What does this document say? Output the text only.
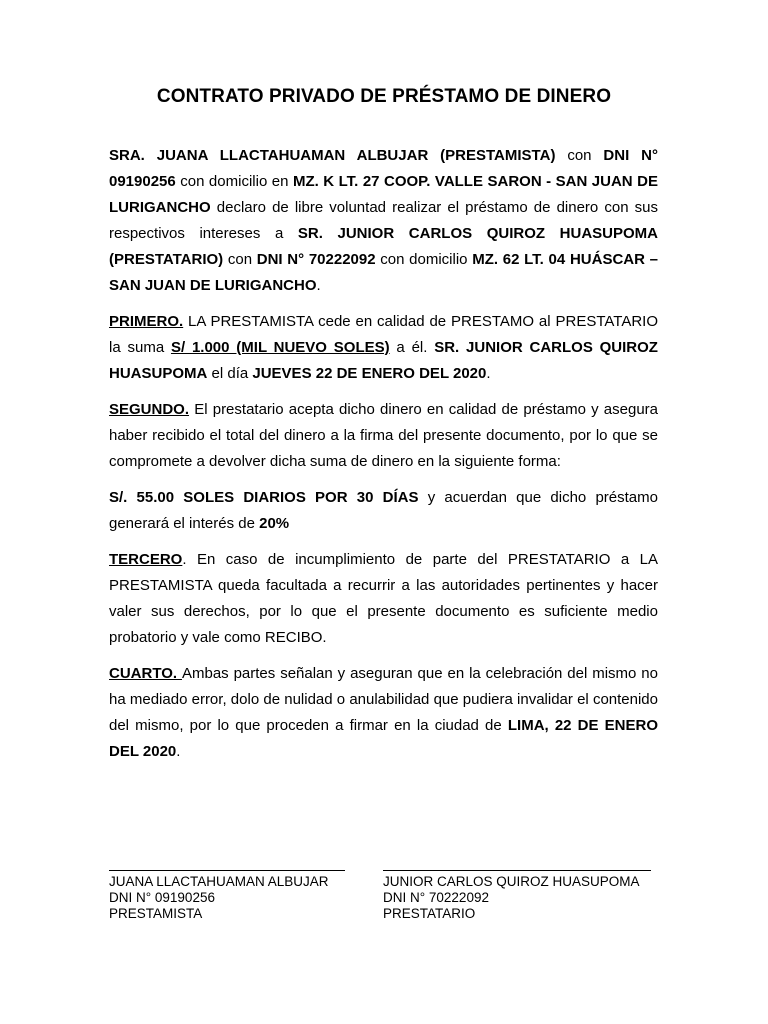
CONTRATO PRIVADO DE PRÉSTAMO DE DINERO

SRA. JUANA LLACTAHUAMAN ALBUJAR (PRESTAMISTA) con DNI N° 09190256 con domicilio en MZ. K LT. 27 COOP. VALLE SARON - SAN JUAN DE LURIGANCHO declaro de libre voluntad realizar el préstamo de dinero con sus respectivos intereses a SR. JUNIOR CARLOS QUIROZ HUASUPOMA (PRESTATARIO) con DNI N° 70222092 con domicilio MZ. 62 LT. 04 HUÁSCAR – SAN JUAN DE LURIGANCHO.

PRIMERO. LA PRESTAMISTA cede en calidad de PRESTAMO al PRESTATARIO la suma S/ 1.000 (MIL NUEVO SOLES) a él. SR. JUNIOR CARLOS QUIROZ HUASUPOMA el día JUEVES 22 DE ENERO DEL 2020.

SEGUNDO. El prestatario acepta dicho dinero en calidad de préstamo y asegura haber recibido el total del dinero a la firma del presente documento, por lo que se compromete a devolver dicha suma de dinero en la siguiente forma:

S/. 55.00 SOLES DIARIOS POR 30 DÍAS y acuerdan que dicho préstamo generará el interés de 20%

TERCERO. En caso de incumplimiento de parte del PRESTATARIO a LA PRESTAMISTA queda facultada a recurrir a las autoridades pertinentes y hacer valer sus derechos, por lo que el presente documento es suficiente medio probatorio y vale como RECIBO.

CUARTO. Ambas partes señalan y aseguran que en la celebración del mismo no ha mediado error, dolo de nulidad o anulabilidad que pudiera invalidar el contenido del mismo, por lo que proceden a firmar en la ciudad de LIMA, 22 DE ENERO DEL 2020.

JUANA LLACTAHUAMAN ALBUJAR
DNI N° 09190256
PRESTAMISTA
JUNIOR CARLOS QUIROZ HUASUPOMA
DNI N° 70222092
PRESTATARIO
